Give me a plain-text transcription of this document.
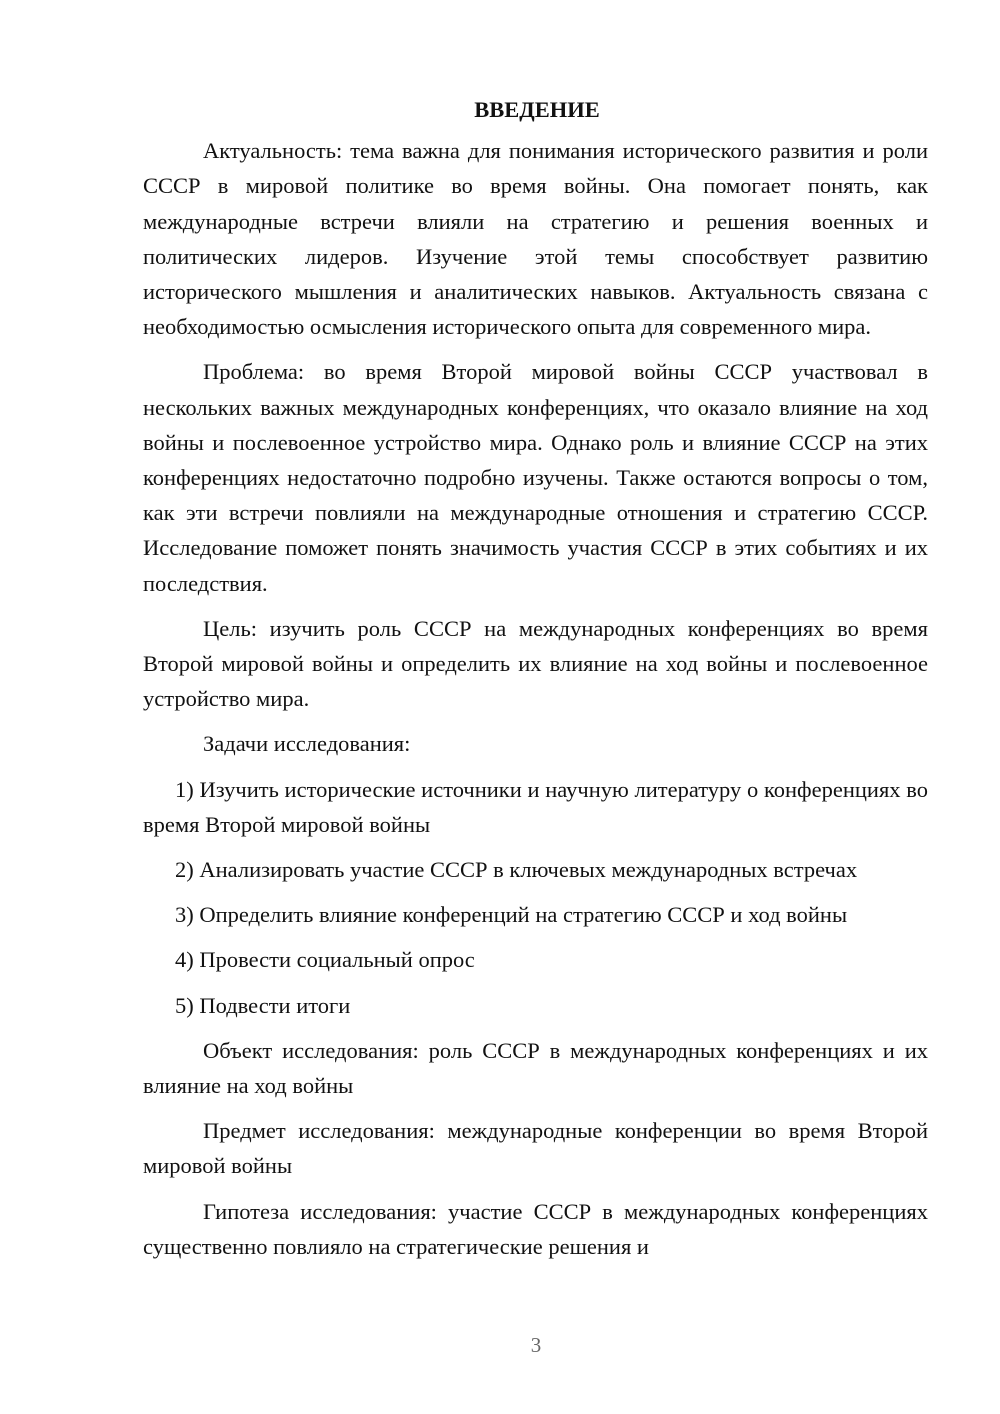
ВВЕДЕНИЕ

Актуальность: тема важна для понимания исторического развития и роли СССР в мировой политике во время войны. Она помогает понять, как международные встречи влияли на стратегию и решения военных и политических лидеров. Изучение этой темы способствует развитию исторического мышления и аналитических навыков. Актуальность связана с необходимостью осмысления исторического опыта для современного мира.

Проблема: во время Второй мировой войны СССР участвовал в нескольких важных международных конференциях, что оказало влияние на ход войны и послевоенное устройство мира. Однако роль и влияние СССР на этих конференциях недостаточно подробно изучены. Также остаются вопросы о том, как эти встречи повлияли на международные отношения и стратегию СССР. Исследование поможет понять значимость участия СССР в этих событиях и их последствия.

Цель: изучить роль СССР на международных конференциях во время Второй мировой войны и определить их влияние на ход войны и послевоенное устройство мира.

Задачи исследования:

1) Изучить исторические источники и научную литературу о конференциях во время Второй мировой войны

2) Анализировать участие СССР в ключевых международных встречах

3) Определить влияние конференций на стратегию СССР и ход войны

4) Провести социальный опрос

5) Подвести итоги

Объект исследования: роль СССР в международных конференциях и их влияние на ход войны

Предмет исследования: международные конференции во время Второй мировой войны

Гипотеза исследования: участие СССР в международных конференциях существенно повлияло на стратегические решения и

3
